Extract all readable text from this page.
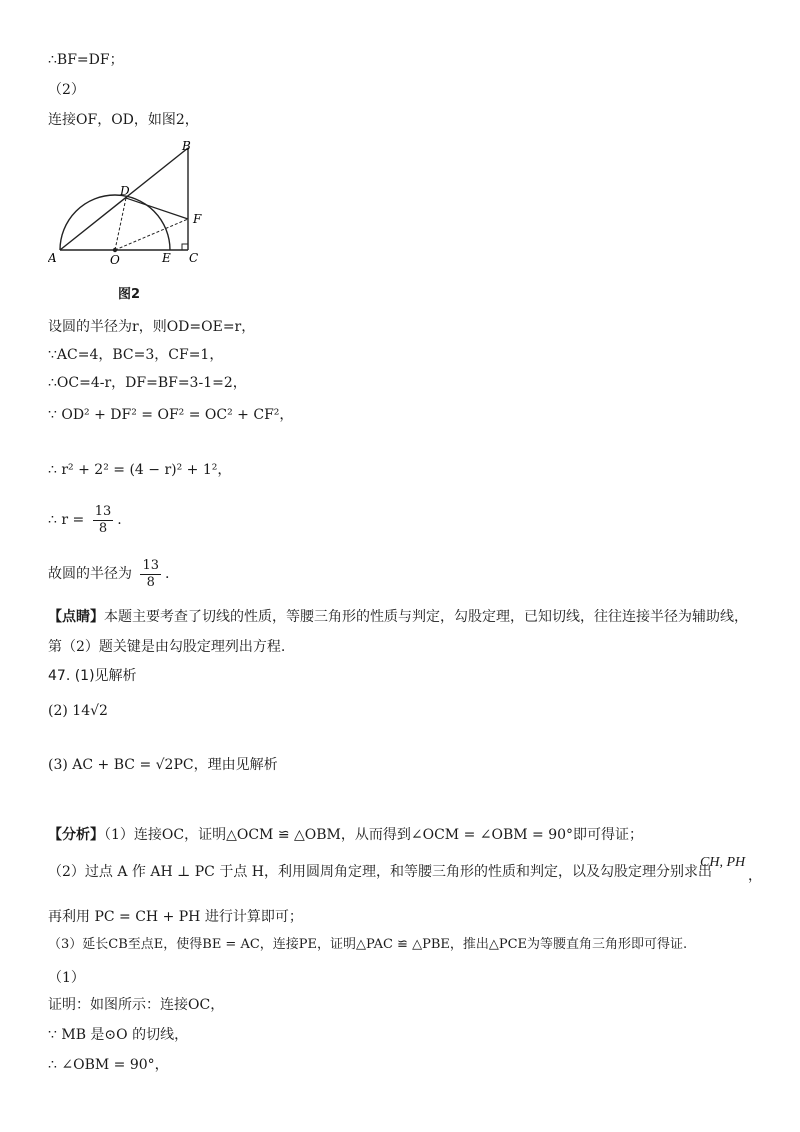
∴BF=DF；
（2）
连接OF，OD，如图2，
B
D
F
A	O	E C
图2
设圆的半径为r，则OD=OE=r，
∵AC=4，BC=3，CF=1，
∴OC=4-r，DF=BF=3-1=2，
∵ OD² + DF² = OF² = OC² + CF²，
∴ r² + 2² = (4 − r)² + 1²，
∴ $r = \frac{13}{8}$ .
故圆的半径为 $\frac{13}{8}$ .
【点睛】本题主要考查了切线的性质，等腰三角形的性质与判定，勾股定理，已知切线，往往连接半径为辅助线，
第（2）题关键是由勾股定理列出方程.
47. (1)见解析
(2) 14√2
(3) AC + BC = √2PC，理由见解析
【分析】（1）连接OC，证明△OCM ≌ △OBM，从而得到∠OCM = ∠OBM = 90°即可得证；
（2）过点 A 作 AH ⊥ PC 于点 H，利用圆周角定理，和等腰三角形的性质和判定，以及勾股定理分别求出
CH, PH
，
再利用 PC = CH + PH 进行计算即可；
（3）延长CB至点E，使得BE = AC，连接PE，证明△PAC ≌ △PBE，推出△PCE为等腰直角三角形即可得证.
（1）
证明：如图所示：连接OC，
∵ MB 是⊙O 的切线，
∴ ∠OBM = 90°，
